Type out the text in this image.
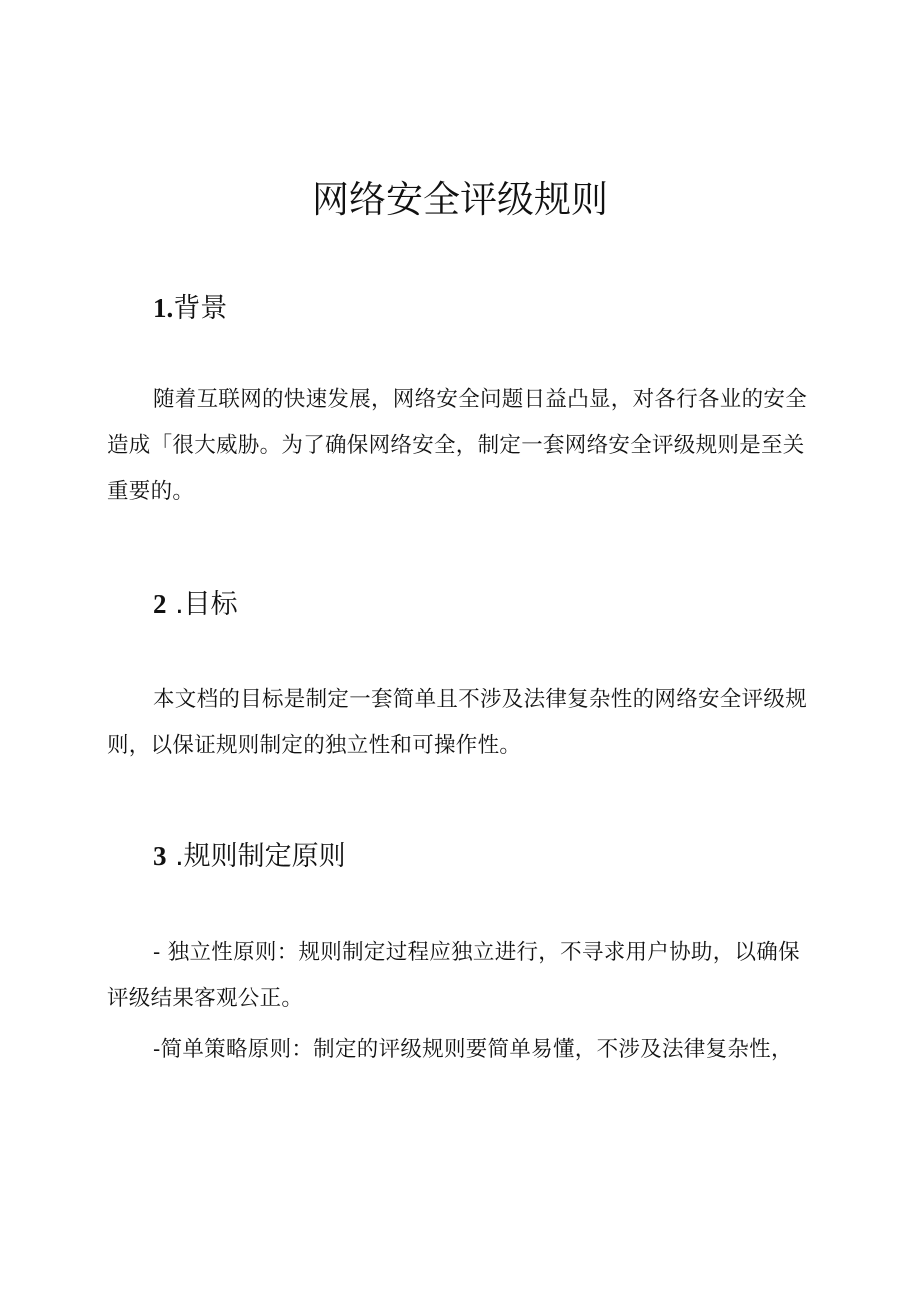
网络安全评级规则
1.背景

随着互联网的快速发展，网络安全问题日益凸显，对各行各业的安全
造成「很大威胁。为了确保网络安全，制定一套网络安全评级规则是至关
重要的。

2 .目标

本文档的目标是制定一套简单且不涉及法律复杂性的网络安全评级规
则，以保证规则制定的独立性和可操作性。

3 .规则制定原则

- 独立性原则：规则制定过程应独立进行，不寻求用户协助，以确保
评级结果客观公正。

-简单策略原则：制定的评级规则要简单易懂，不涉及法律复杂性，
